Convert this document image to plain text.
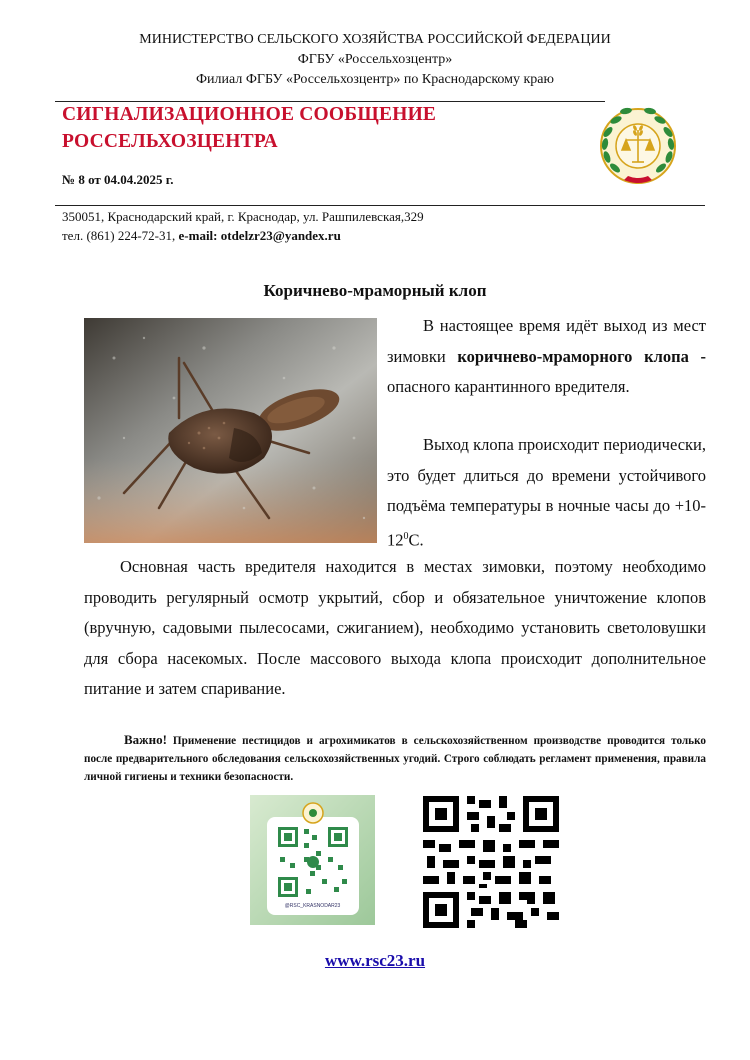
МИНИСТЕРСТВО СЕЛЬСКОГО ХОЗЯЙСТВА РОССИЙСКОЙ ФЕДЕРАЦИИ
ФГБУ «Россельхозцентр»
Филиал ФГБУ «Россельхозцентр» по Краснодарскому краю
СИГНАЛИЗАЦИОННОЕ СООБЩЕНИЕ
РОССЕЛЬХОЗЦЕНТРА
№ 8 от 04.04.2025 г.
350051, Краснодарский край, г. Краснодар, ул. Рашпилевская,329
тел. (861) 224-72-31, e-mail: otdelzr23@yandex.ru
Коричнево-мраморный клоп
В настоящее время идёт выход из мест зимовки коричнево-мраморного клопа - опасного карантинного вредителя.
Выход клопа происходит периодически, это будет длиться до времени устойчивого подъёма температуры в ночные часы до $+10-12^0С$.
Основная часть вредителя находится в местах зимовки, поэтому необходимо проводить регулярный осмотр укрытий, сбор и обязательное уничтожение клопов (вручную, садовыми пылесосами, сжиганием), необходимо установить светоловушки для сбора насекомых. После массового выхода клопа происходит дополнительное питание и затем спаривание.
Важно! Применение пестицидов и агрохимикатов в сельскохозяйственном производстве проводится только после предварительного обследования сельскохозяйственных угодий. Строго соблюдать регламент применения, правила личной гигиены и техники безопасности.
@RSC_KRASNODAR23
www.rsc23.ru
